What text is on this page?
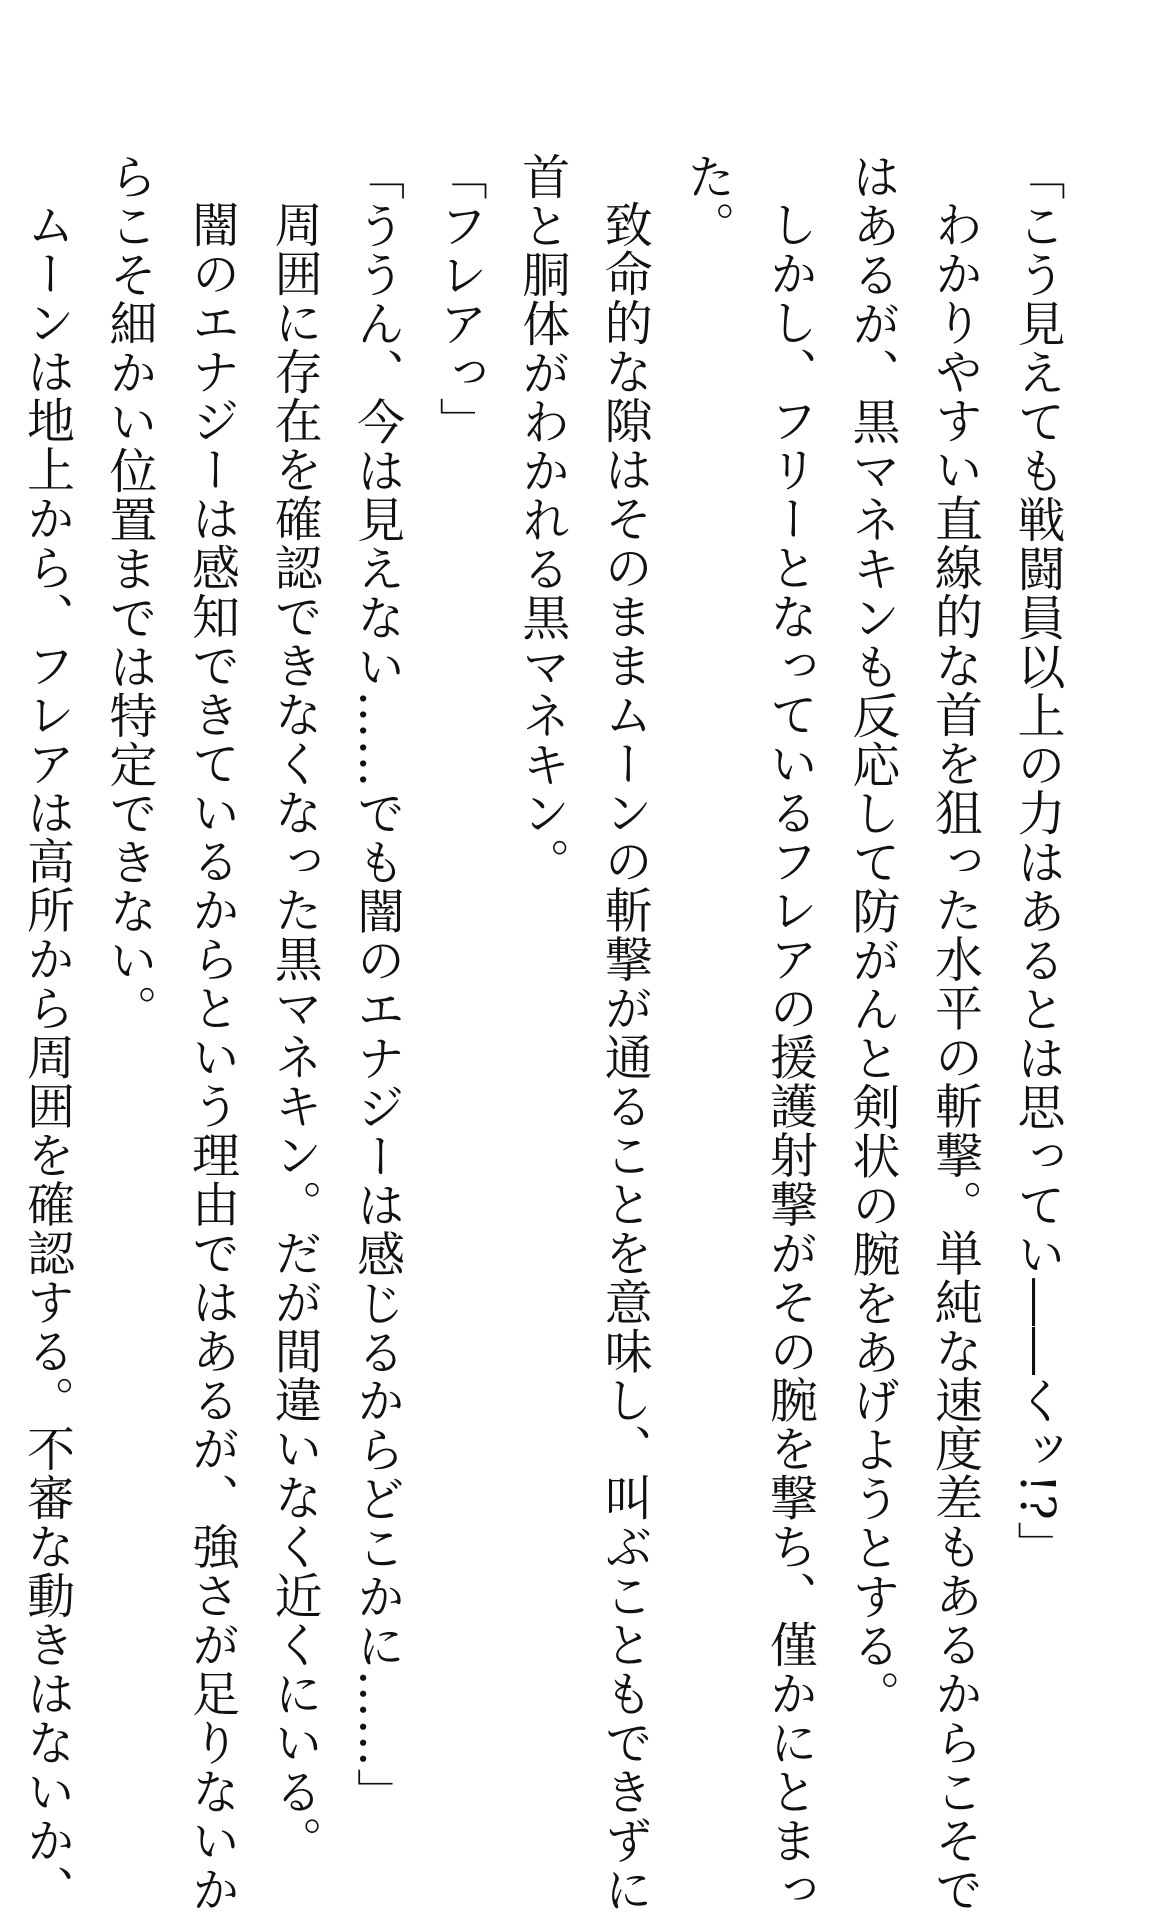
「こう見えても戦闘員以上の力はあるとは思ってい――くッ!?」
わかりやすい直線的な首を狙った水平の斬撃。単純な速度差もあるからこそで
はあるが、黒マネキンも反応して防がんと剣状の腕をあげようとする。
しかし、フリーとなっているフレアの援護射撃がその腕を撃ち、僅かにとまっ
た。
致命的な隙はそのままムーンの斬撃が通ることを意味し、叫ぶこともできずに
首と胴体がわかれる黒マネキン。
「フレアっ」
「ううん、今は見えない……でも闇のエナジーは感じるからどこかに……」
周囲に存在を確認できなくなった黒マネキン。だが間違いなく近くにいる。
闇のエナジーは感知できているからという理由ではあるが、強さが足りないか
らこそ細かい位置までは特定できない。
ムーンは地上から、フレアは高所から周囲を確認する。不審な動きはないか、
